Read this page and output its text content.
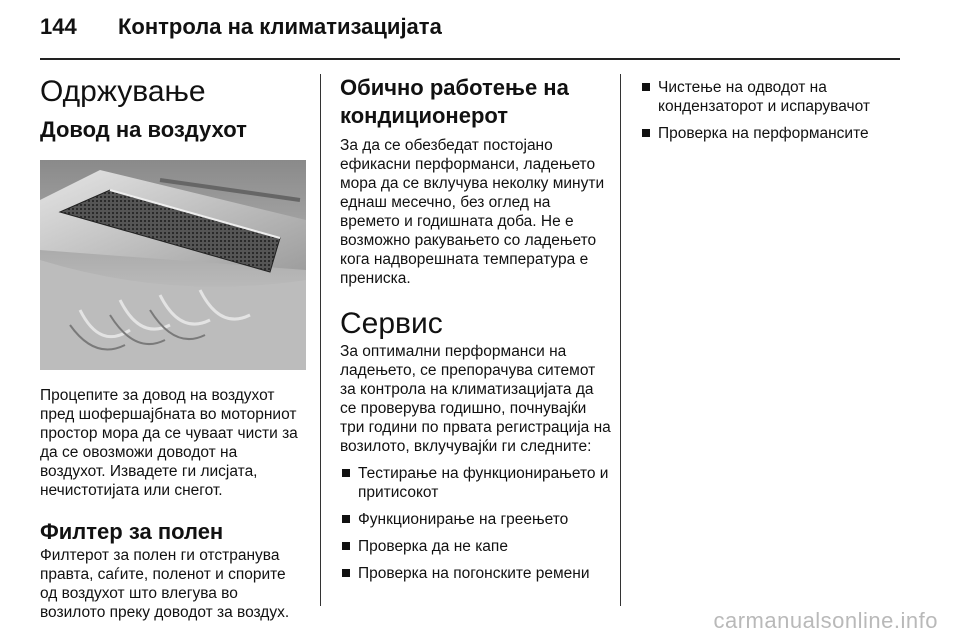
144 Контрола на климатизацијата
Одржување
Довод на воздухот

Процепите за довод на воздухот пред шофершајбната во моторниот простор мора да се чуваат чисти за да се овозможи доводот на воздухот. Извадете ги лисјата, нечистотијата или снегот.

Филтер за полен

Филтерот за полен ги отстранува правта, саѓите, поленот и спорите од воздухот што влегува во возилото преку доводот за воздух.

Обично работење на кондиционерот

За да се обезбедат постојано ефикасни перформанси, ладењето мора да се вклучува неколку минути еднаш месечно, без оглед на времето и годишната доба. Не е возможно ракувањето со ладењето кога надворешната температура е прениска.

Сервис

За оптимални перформанси на ладењето, се препорачува ситемот за контрола на климатизацијата да се проверува годишно, почнувајќи три години по првата регистрација на возилото, вклучувајќи ги следните:

Тестирање на функционирањето и притисокот
Функционирање на греењето
Проверка да не капе
Проверка на погонските ремени
Чистење на одводот на кондензаторот и испарувачот
Проверка на перформансите
carmanualsonline.info
